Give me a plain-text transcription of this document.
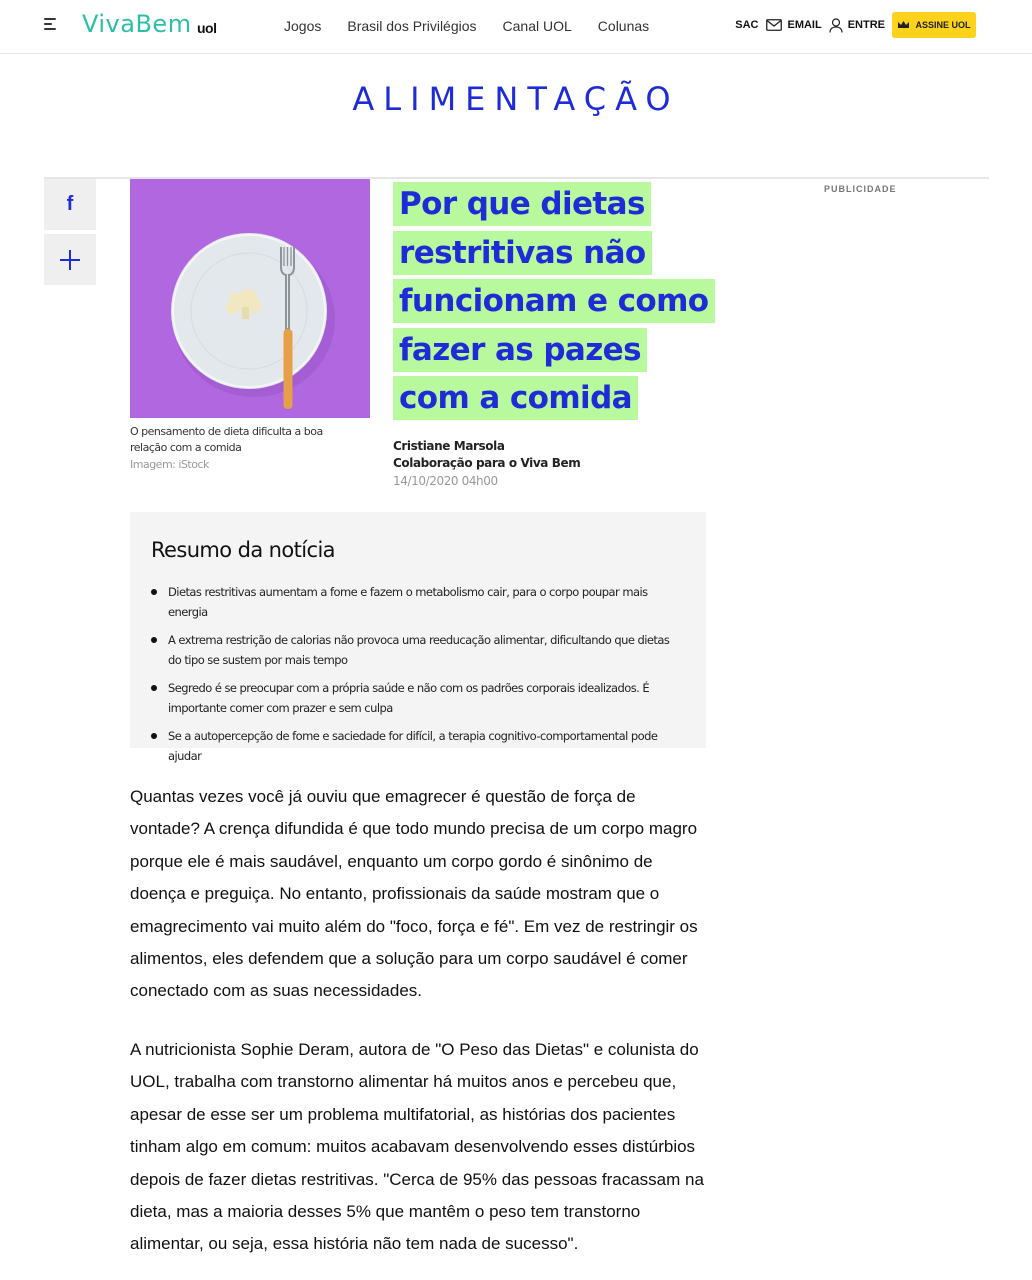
VivaBem uol	Jogos Brasil dos Privilégios Canal UOL Colunas	SAC	EMAIL ENTRE	ASSINE UOL
ALIMENTAÇÃO
f
O pensamento de dieta dificulta a boa relação com a comida
Imagem: iStock
Por que dietas restritivas não funcionam e como fazer as pazes com a comida
Cristiane Marsola
Colaboração para o Viva Bem
14/10/2020 04h00
PUBLICIDADE
Resumo da notícia
Dietas restritivas aumentam a fome e fazem o metabolismo cair, para o corpo poupar mais energia
A extrema restrição de calorias não provoca uma reeducação alimentar, dificultando que dietas do tipo se sustem por mais tempo
Segredo é se preocupar com a própria saúde e não com os padrões corporais idealizados. É importante comer com prazer e sem culpa
Se a autopercepção de fome e saciedade for difícil, a terapia cognitivo-comportamental pode ajudar

Quantas vezes você já ouviu que emagrecer é questão de força de vontade? A crença difundida é que todo mundo precisa de um corpo magro porque ele é mais saudável, enquanto um corpo gordo é sinônimo de doença e preguiça. No entanto, profissionais da saúde mostram que o emagrecimento vai muito além do "foco, força e fé". Em vez de restringir os alimentos, eles defendem que a solução para um corpo saudável é comer conectado com as suas necessidades.

A nutricionista Sophie Deram, autora de "O Peso das Dietas" e colunista do UOL, trabalha com transtorno alimentar há muitos anos e percebeu que, apesar de esse ser um problema multifatorial, as histórias dos pacientes tinham algo em comum: muitos acabavam desenvolvendo esses distúrbios depois de fazer dietas restritivas. "Cerca de 95% das pessoas fracassam na dieta, mas a maioria desses 5% que mantêm o peso tem transtorno alimentar, ou seja, essa história não tem nada de sucesso".
